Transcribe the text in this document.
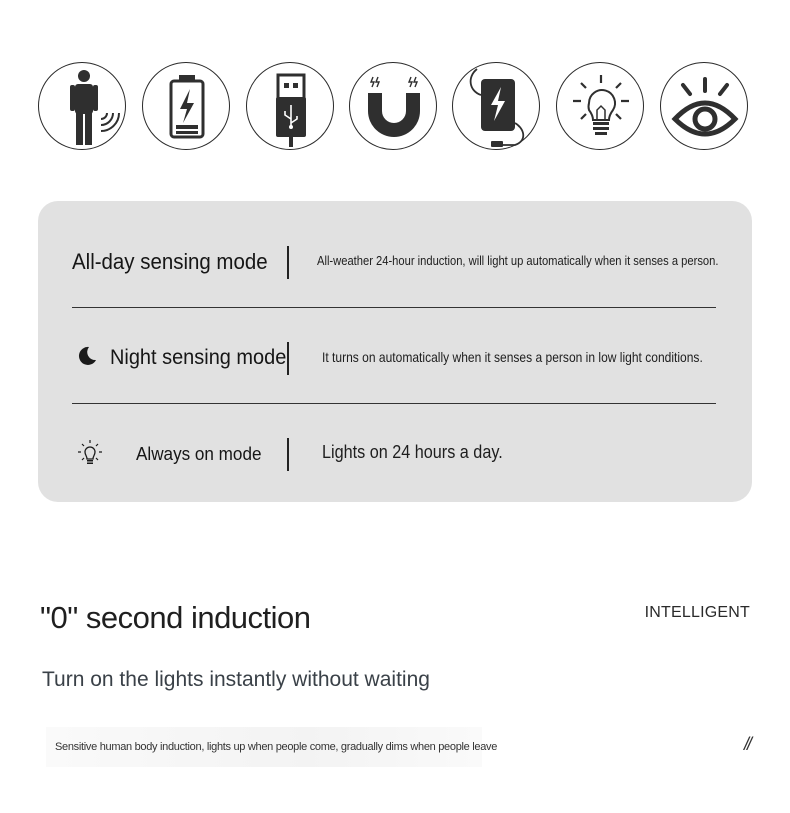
All-day sensing mode	All-weather 24-hour induction, will light up automatically when it senses a person.
Night sensing mode	It turns on automatically when it senses a person in low light conditions.
Always on mode	Lights on 24 hours a day.
"0" second induction	INTELLIGENT
Turn on the lights instantly without waiting
Sensitive human body induction, lights up when people come, gradually dims when people leave	//
